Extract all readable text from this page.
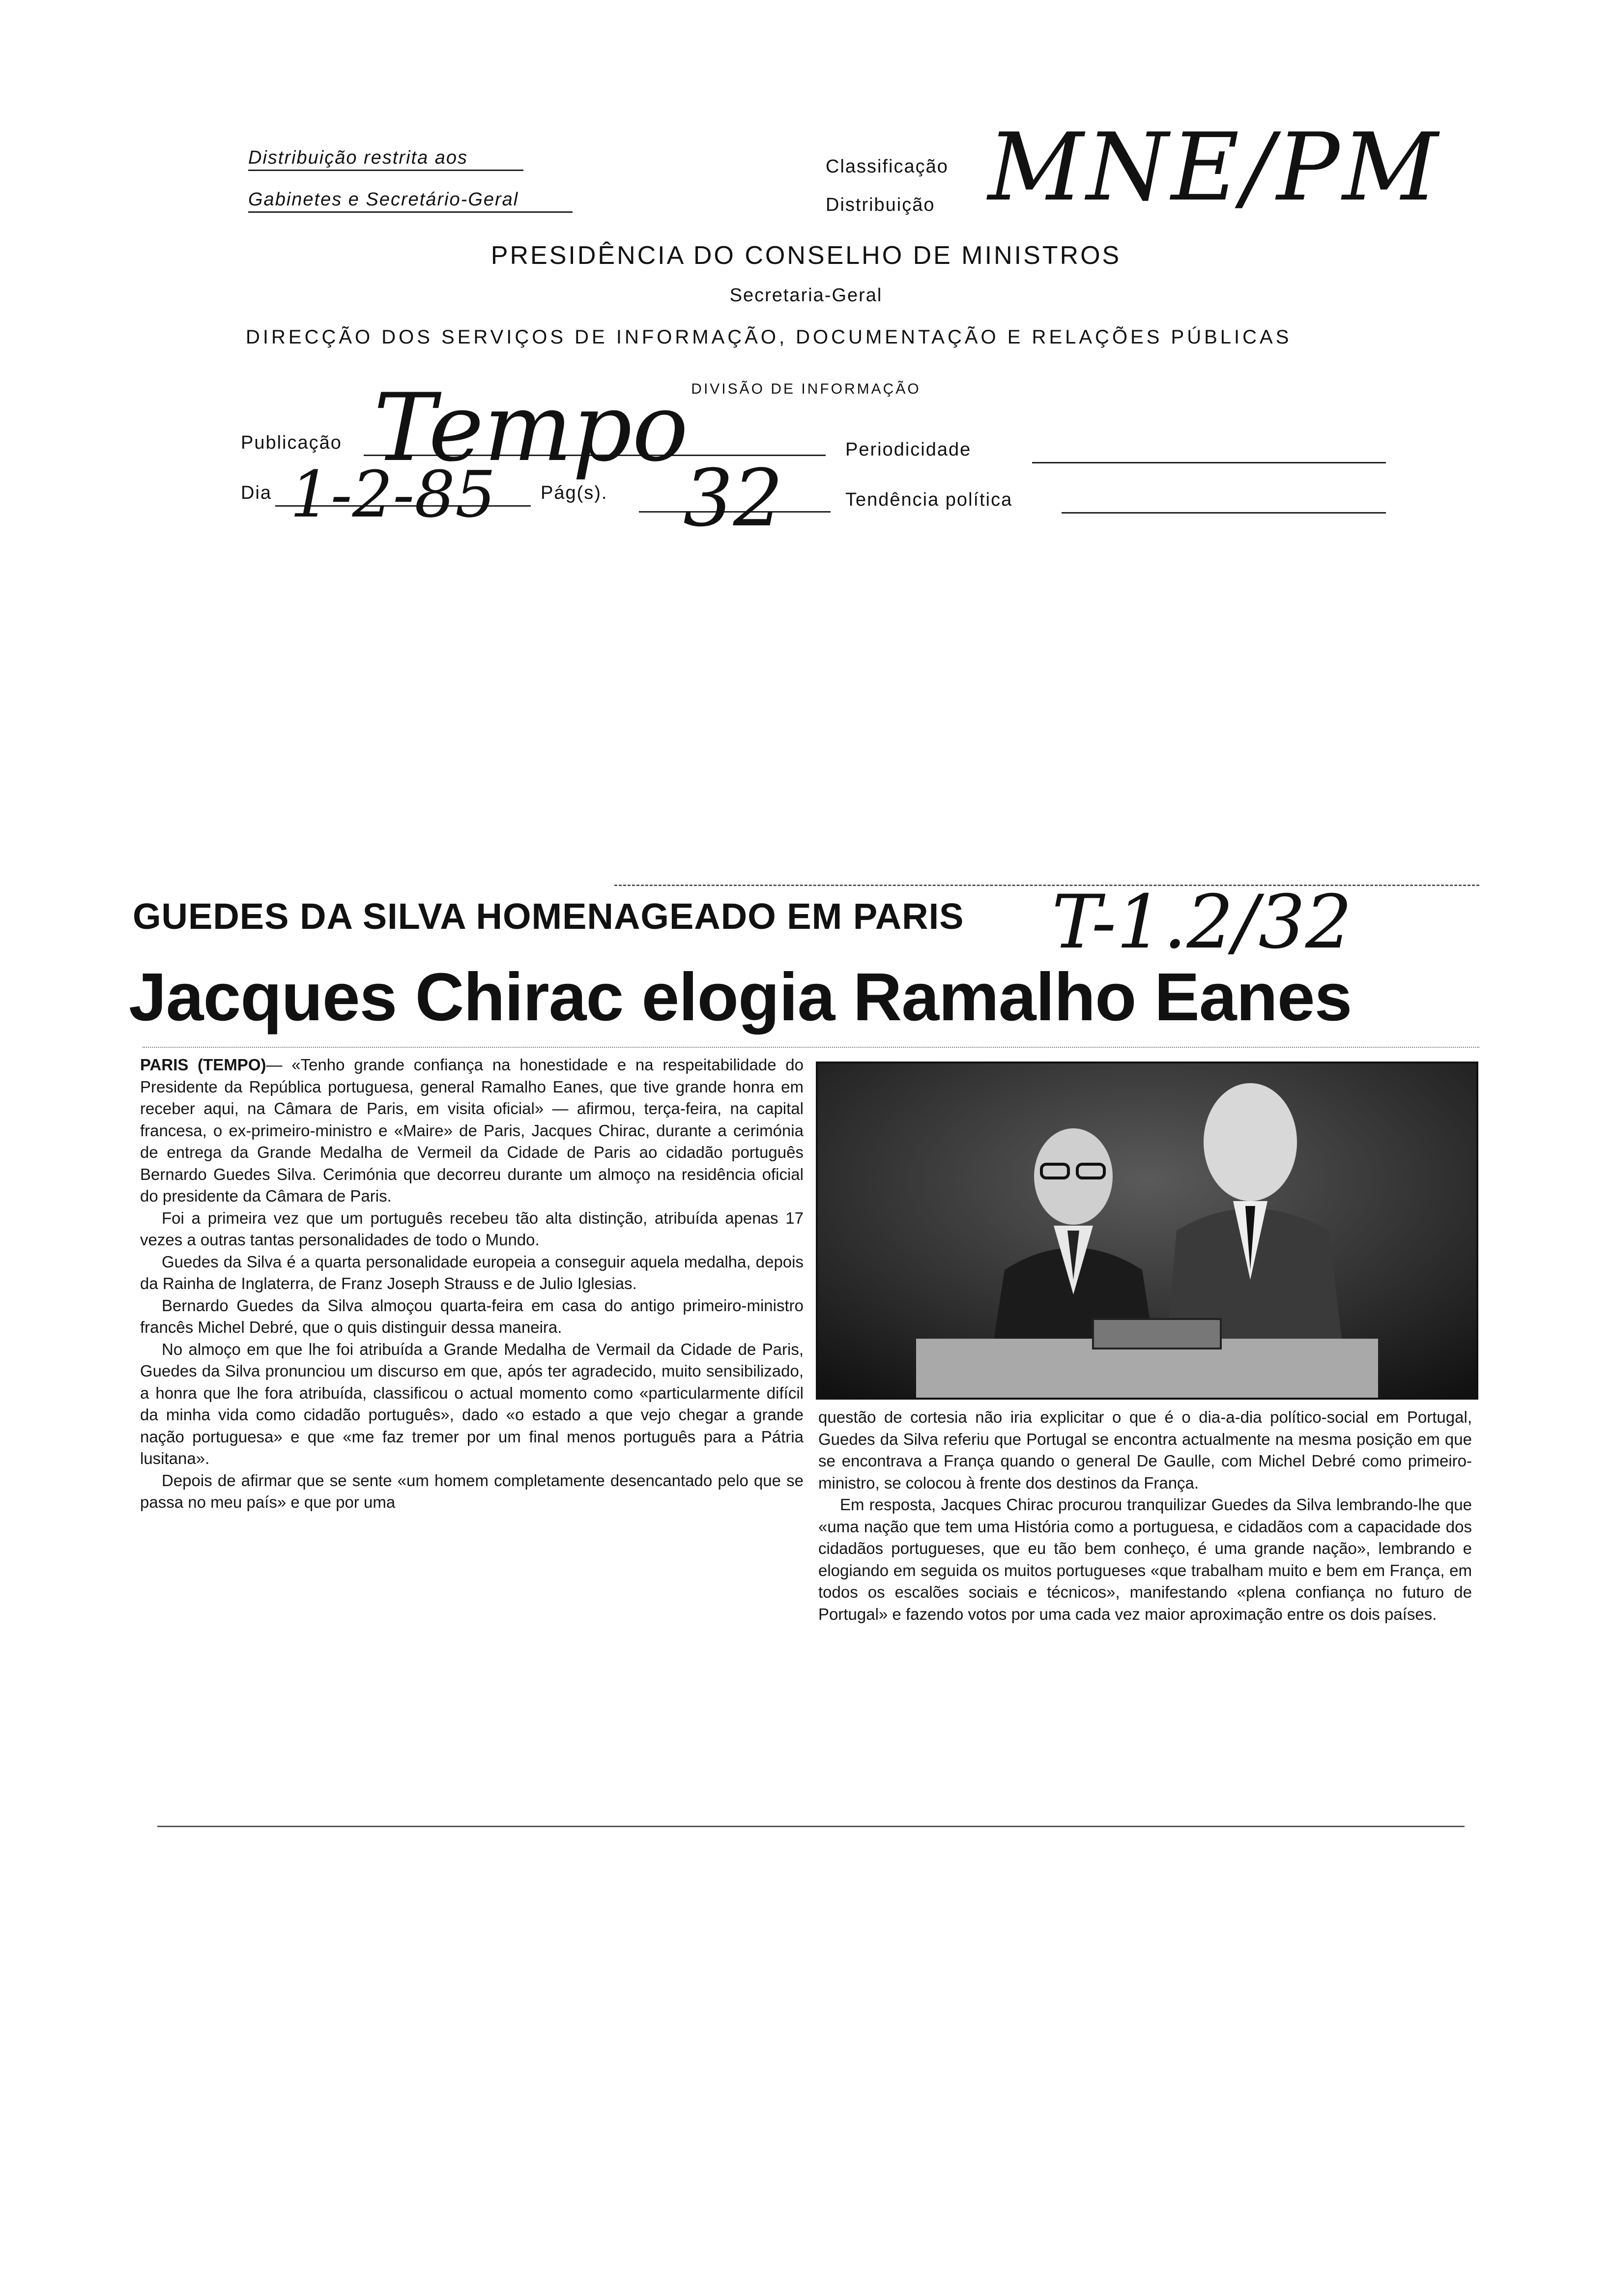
Distribuição restrita aos
Gabinetes e Secretário-Geral
Classificação
Distribuição MNE/PM
PRESIDÊNCIA DO CONSELHO DE MINISTROS
Secretaria-Geral
DIRECÇÃO DOS SERVIÇOS DE INFORMAÇÃO, DOCUMENTAÇÃO E RELAÇÕES PÚBLICAS
DIVISÃO DE INFORMAÇÃO
Publicação Tempo	Periodicidade
Dia 1-2-85 Pág(s). 32	Tendência política
GUEDES DA SILVA HOMENAGEADO EM PARIS T-1.2/32
Jacques Chirac elogia Ramalho Eanes

PARIS (TEMPO)— «Tenho grande confiança na honestidade e na respeitabilidade do Presidente da República portuguesa, general Ramalho Eanes, que tive grande honra em receber aqui, na Câmara de Paris, em visita oficial» — afirmou, terça-feira, na capital francesa, o ex-primeiro-ministro e «Maire» de Paris, Jacques Chirac, durante a cerimónia de entrega da Grande Medalha de Vermeil da Cidade de Paris ao cidadão português Bernardo Guedes Silva. Cerimónia que decorreu durante um almoço na residência oficial do presidente da Câmara de Paris.

Foi a primeira vez que um português recebeu tão alta distinção, atribuída apenas 17 vezes a outras tantas personalidades de todo o Mundo.

Guedes da Silva é a quarta personalidade europeia a conseguir aquela medalha, depois da Rainha de Inglaterra, de Franz Joseph Strauss e de Julio Iglesias.

Bernardo Guedes da Silva almoçou quarta-feira em casa do antigo primeiro-ministro francês Michel Debré, que o quis distinguir dessa maneira.

No almoço em que lhe foi atribuída a Grande Medalha de Vermail da Cidade de Paris, Guedes da Silva pronunciou um discurso em que, após ter agradecido, muito sensibilizado, a honra que lhe fora atribuída, classificou o actual momento como «particularmente difícil da minha vida como cidadão português», dado «o estado a que vejo chegar a grande nação portuguesa» e que «me faz tremer por um final menos português para a Pátria lusitana».

Depois de afirmar que se sente «um homem completamente desencantado pelo que se passa no meu país» e que por uma

questão de cortesia não iria explicitar o que é o dia-a-dia político-social em Portugal, Guedes da Silva referiu que Portugal se encontra actualmente na mesma posição em que se encontrava a França quando o general De Gaulle, com Michel Debré como primeiro-ministro, se colocou à frente dos destinos da França.

Em resposta, Jacques Chirac procurou tranquilizar Guedes da Silva lembrando-lhe que «uma nação que tem uma História como a portuguesa, e cidadãos com a capacidade dos cidadãos portugueses, que eu tão bem conheço, é uma grande nação», lembrando e elogiando em seguida os muitos portugueses «que trabalham muito e bem em França, em todos os escalões sociais e técnicos», manifestando «plena confiança no futuro de Portugal» e fazendo votos por uma cada vez maior aproximação entre os dois países.
